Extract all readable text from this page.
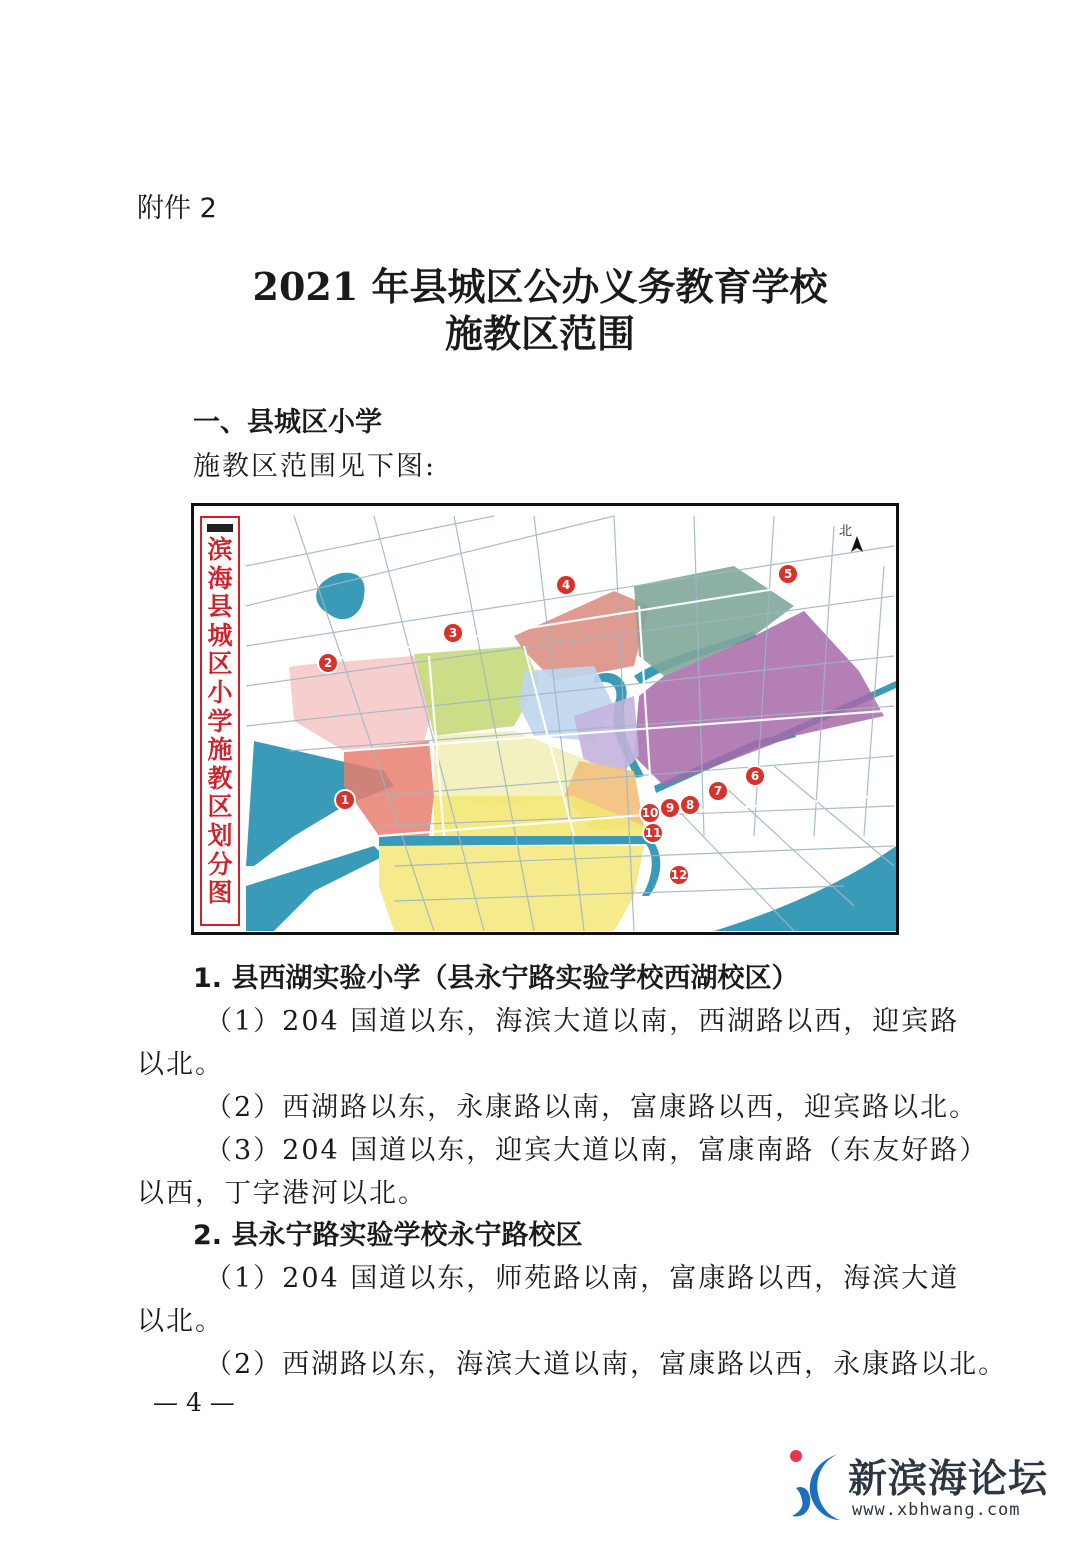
附件 2
2021 年县城区公办义务教育学校
施教区范围
一、县城区小学
施教区范围见下图:
滨海县城区小学施教区划分图
北
1
2
3
4
5
6
7
8
9
10
11
12
1. 县西湖实验小学（县永宁路实验学校西湖校区）
（1）204 国道以东，海滨大道以南，西湖路以西，迎宾路
以北。
（2）西湖路以东，永康路以南，富康路以西，迎宾路以北。
（3）204 国道以东，迎宾大道以南，富康南路（东友好路）
以西，丁字港河以北。
2. 县永宁路实验学校永宁路校区
（1）204 国道以东，师苑路以南，富康路以西，海滨大道
以北。
（2）西湖路以东，海滨大道以南，富康路以西，永康路以北。
— 4 —
新滨海论坛
www.xbhwang.com
